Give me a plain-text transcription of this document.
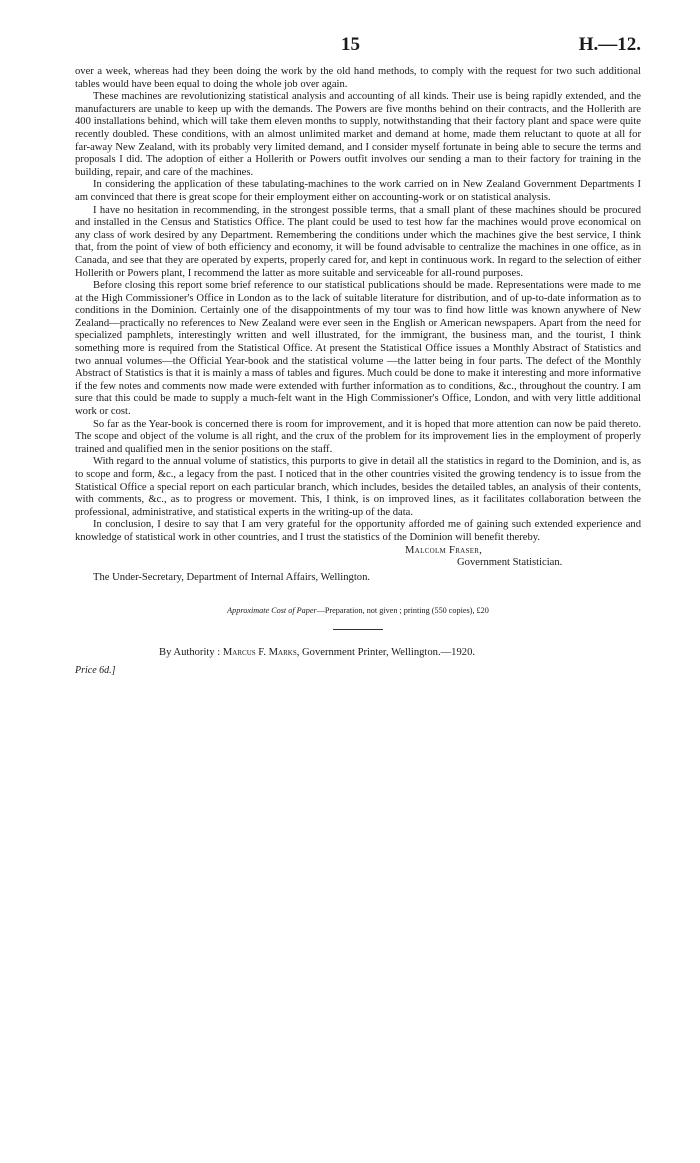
15	H.—12.

over a week, whereas had they been doing the work by the old hand methods, to comply with the request for two such additional tables would have been equal to doing the whole job over again.

These machines are revolutionizing statistical analysis and accounting of all kinds. Their use is being rapidly extended, and the manufacturers are unable to keep up with the demands. The Powers are five months behind on their contracts, and the Hollerith are 400 installations behind, which will take them eleven months to supply, notwithstanding that their factory plant and space were quite recently doubled. These conditions, with an almost unlimited market and demand at home, made them reluctant to quote at all for far-away New Zealand, with its probably very limited demand, and I consider myself fortunate in being able to secure the terms and proposals I did. The adoption of either a Hollerith or Powers outfit involves our sending a man to their factory for training in the building, repair, and care of the machines.

In considering the application of these tabulating-machines to the work carried on in New Zealand Government Departments I am convinced that there is great scope for their employment either on accounting-work or on statistical analysis.

I have no hesitation in recommending, in the strongest possible terms, that a small plant of these machines should be procured and installed in the Census and Statistics Office. The plant could be used to test how far the machines would prove economical on any class of work desired by any Department. Remembering the conditions under which the machines give the best service, I think that, from the point of view of both efficiency and economy, it will be found advisable to centralize the machines in one office, as in Canada, and see that they are operated by experts, properly cared for, and kept in continuous work. In regard to the selection of either Hollerith or Powers plant, I recommend the latter as more suitable and serviceable for all-round purposes.

Before closing this report some brief reference to our statistical publications should be made. Representations were made to me at the High Commissioner's Office in London as to the lack of suitable literature for distribution, and of up-to-date information as to conditions in the Dominion. Certainly one of the disappointments of my tour was to find how little was known anywhere of New Zealand—practically no references to New Zealand were ever seen in the English or American newspapers. Apart from the need for specialized pamphlets, interestingly written and well illustrated, for the immigrant, the business man, and the tourist, I think something more is required from the Statistical Office. At present the Statistical Office issues a Monthly Abstract of Statistics and two annual volumes—the Official Year-book and the statistical volume —the latter being in four parts. The defect of the Monthly Abstract of Statistics is that it is mainly a mass of tables and figures. Much could be done to make it interesting and more informative if the few notes and comments now made were extended with further information as to conditions, &c., throughout the country. I am sure that this could be made to supply a much-felt want in the High Commissioner's Office, London, and with very little additional work or cost.

So far as the Year-book is concerned there is room for improvement, and it is hoped that more attention can now be paid thereto. The scope and object of the volume is all right, and the crux of the problem for its improvement lies in the employment of properly trained and qualified men in the senior positions on the staff.

With regard to the annual volume of statistics, this purports to give in detail all the statistics in regard to the Dominion, and is, as to scope and form, &c., a legacy from the past. I noticed that in the other countries visited the growing tendency is to issue from the Statistical Office a special report on each particular branch, which includes, besides the detailed tables, an analysis of their contents, with comments, &c., as to progress or movement. This, I think, is on improved lines, as it facilitates collaboration between the professional, administrative, and statistical experts in the writing-up of the data.

In conclusion, I desire to say that I am very grateful for the opportunity afforded me of gaining such extended experience and knowledge of statistical work in other countries, and I trust the statistics of the Dominion will benefit thereby.

Malcolm Fraser,
Government Statistician.
The Under-Secretary, Department of Internal Affairs, Wellington.
Approximate Cost of Paper—Preparation, not given ; printing (550 copies), £20
By Authority : Marcus F. Marks, Government Printer, Wellington.—1920.
Price 6d.]
